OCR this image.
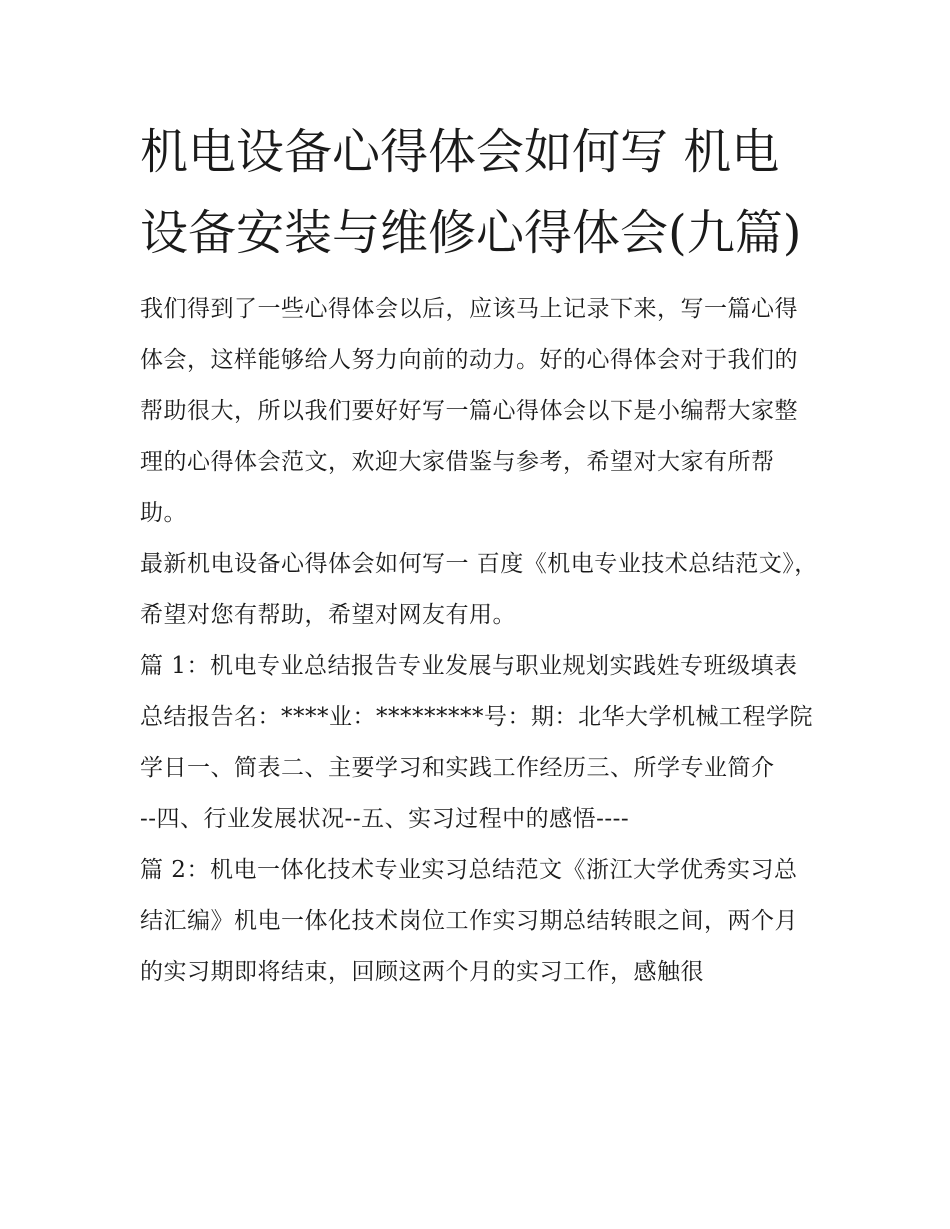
机电设备心得体会如何写 机电设备安装与维修心得体会(九篇)

我们得到了一些心得体会以后，应该马上记录下来，写一篇心得体会，这样能够给人努力向前的动力。好的心得体会对于我们的帮助很大，所以我们要好好写一篇心得体会以下是小编帮大家整理的心得体会范文，欢迎大家借鉴与参考，希望对大家有所帮助。

最新机电设备心得体会如何写一 百度《机电专业技术总结范文》，希望对您有帮助，希望对网友有用。

篇 1：机电专业总结报告专业发展与职业规划实践姓专班级填表总结报告名：****业：*********号：期：北华大学机械工程学院学日一、简表二、主要学习和实践工作经历三、所学专业简介

--四、行业发展状况--五、实习过程中的感悟----

篇 2：机电一体化技术专业实习总结范文《浙江大学优秀实习总结汇编》机电一体化技术岗位工作实习期总结转眼之间，两个月的实习期即将结束，回顾这两个月的实习工作，感触很
